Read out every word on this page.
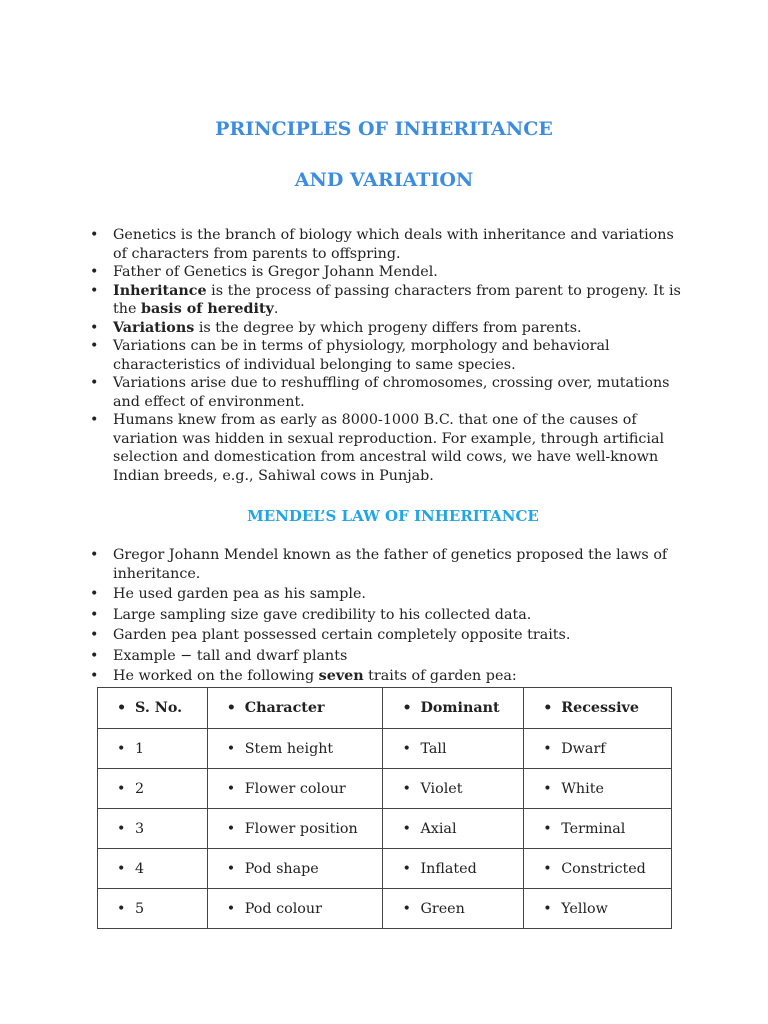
PRINCIPLES OF INHERITANCE
AND VARIATION
• Genetics is the branch of biology which deals with inheritance and variations of characters from parents to offspring.
• Father of Genetics is Gregor Johann Mendel.
• Inheritance is the process of passing characters from parent to progeny. It is the basis of heredity.
• Variations is the degree by which progeny differs from parents.
• Variations can be in terms of physiology, morphology and behavioral characteristics of individual belonging to same species.
• Variations arise due to reshuffling of chromosomes, crossing over, mutations and effect of environment.
• Humans knew from as early as 8000-1000 B.C. that one of the causes of variation was hidden in sexual reproduction. For example, through artificial selection and domestication from ancestral wild cows, we have well-known Indian breeds, e.g., Sahiwal cows in Punjab.
MENDEL’S LAW OF INHERITANCE
• Gregor Johann Mendel known as the father of genetics proposed the laws of inheritance.
• He used garden pea as his sample.
• Large sampling size gave credibility to his collected data.
• Garden pea plant possessed certain completely opposite traits.
• Example − tall and dwarf plants
• He worked on the following seven traits of garden pea:
• S. No.	• Character	• Dominant	• Recessive
• 1	• Stem height	• Tall	• Dwarf
• 2	• Flower colour	• Violet	• White
• 3	• Flower position	• Axial	• Terminal
• 4	• Pod shape	• Inflated	• Constricted
• 5	• Pod colour	• Green	• Yellow
